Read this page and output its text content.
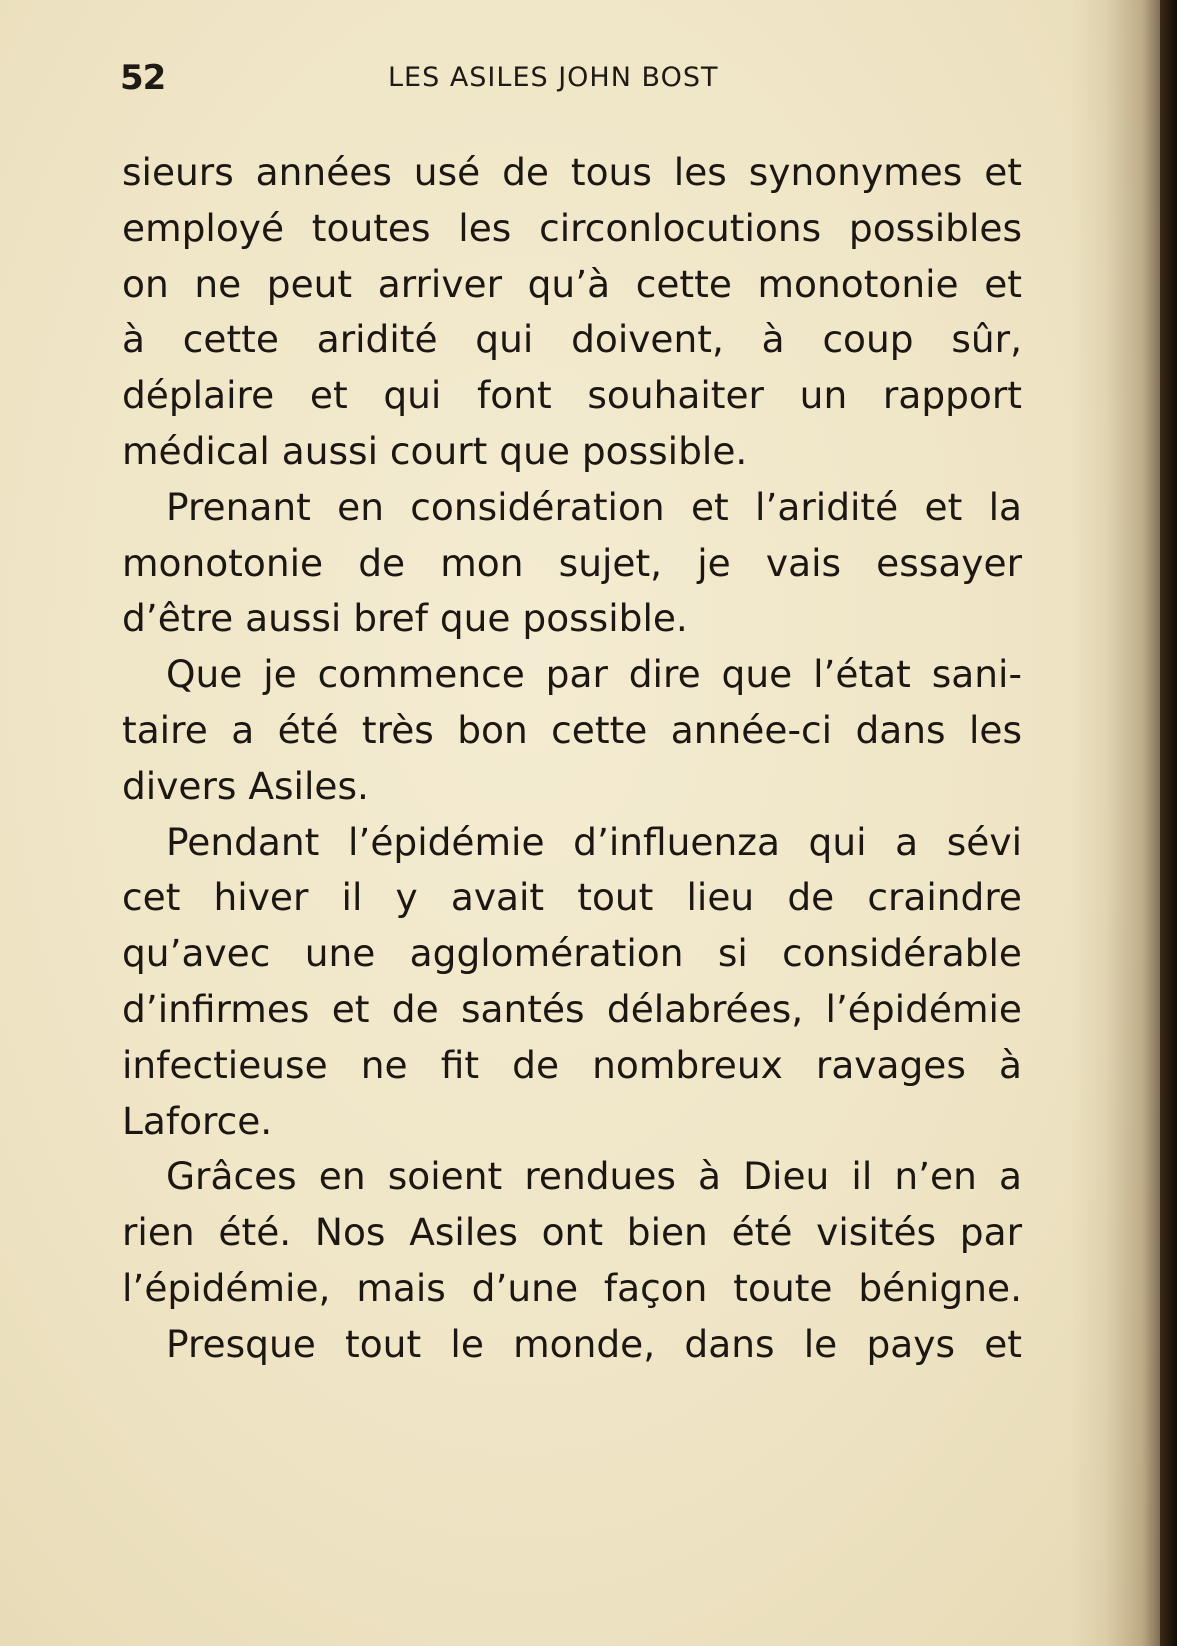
52	LES ASILES JOHN BOST
sieurs années usé de tous les synonymes et
employé toutes les circonlocutions possibles
on ne peut arriver qu’à cette monotonie et
à cette aridité qui doivent, à coup sûr,
déplaire et qui font souhaiter un rapport
médical aussi court que possible.
Prenant en considération et l’aridité et la
monotonie de mon sujet, je vais essayer
d’être aussi bref que possible.
Que je commence par dire que l’état sani-
taire a été très bon cette année-ci dans les
divers Asiles.
Pendant l’épidémie d’influenza qui a sévi
cet hiver il y avait tout lieu de craindre
qu’avec une agglomération si considérable
d’infirmes et de santés délabrées, l’épidémie
infectieuse ne fit de nombreux ravages à
Laforce.
Grâces en soient rendues à Dieu il n’en a
rien été. Nos Asiles ont bien été visités par
l’épidémie, mais d’une façon toute bénigne.
Presque tout le monde, dans le pays et
